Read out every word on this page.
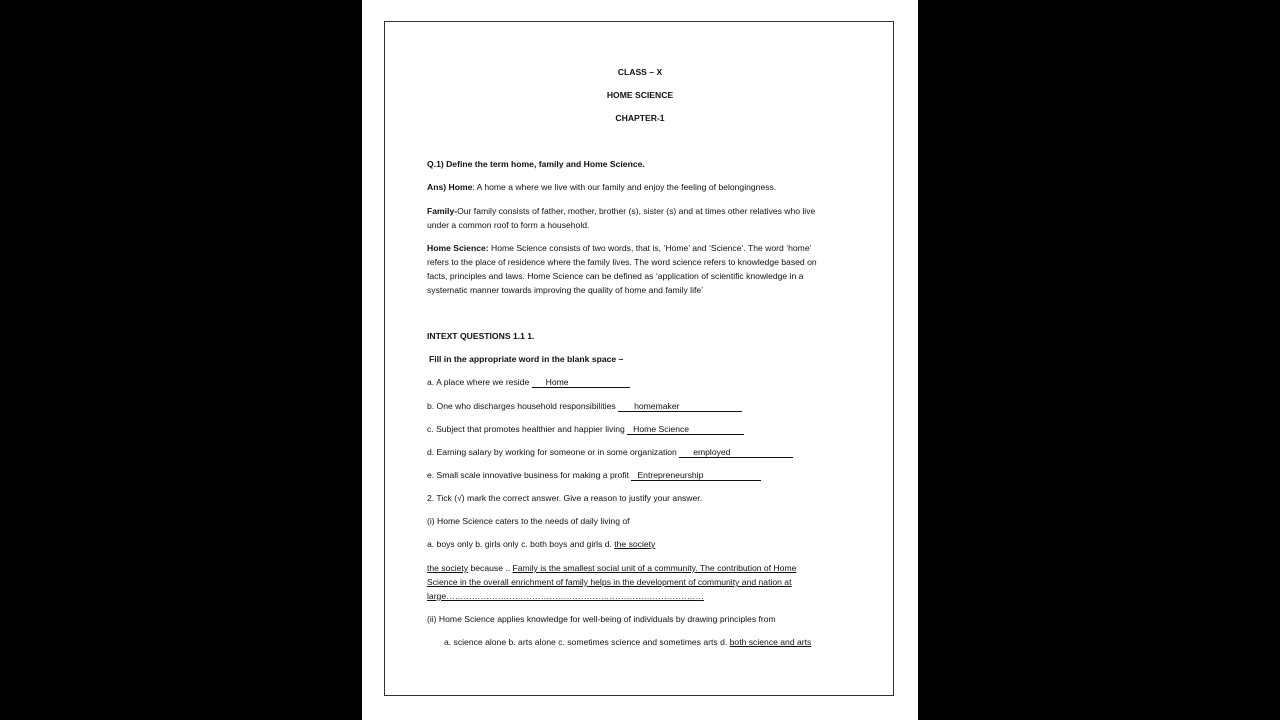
CLASS – X
HOME SCIENCE
CHAPTER-1
Q.1) Define the term home, family and Home Science.
Ans) Home: A home a where we live with our family and enjoy the feeling of belongingness.
Family-Our family consists of father, mother, brother (s), sister (s) and at times other relatives who live
under a common roof to form a household.
Home Science: Home Science consists of two words, that is, ‘Home’ and ‘Science’. The word ‘home’
refers to the place of residence where the family lives. The word science refers to knowledge based on
facts, principles and laws. Home Science can be defined as ‘application of scientific knowledge in a
systematic manner towards improving the quality of home and family life’
INTEXT QUESTIONS 1.1 1.
Fill in the appropriate word in the blank space –
a. A place where we reside Home
b. One who discharges household responsibilities homemaker
c. Subject that promotes healthier and happier living Home Science
d. Earning salary by working for someone or in some organization employed
e. Small scale innovative business for making a profit Entrepreneurship
2. Tick (√) mark the correct answer. Give a reason to justify your answer.
(i) Home Science caters to the needs of daily living of
a. boys only b. girls only c. both boys and girls d. the society
the society because .. Family is the smallest social unit of a community. The contribution of Home
Science in the overall enrichment of family helps in the development of community and nation at
large………………………………………………………………………………
(ii) Home Science applies knowledge for well-being of individuals by drawing principles from
a. science alone b. arts alone c. sometimes science and sometimes arts d. both science and arts
